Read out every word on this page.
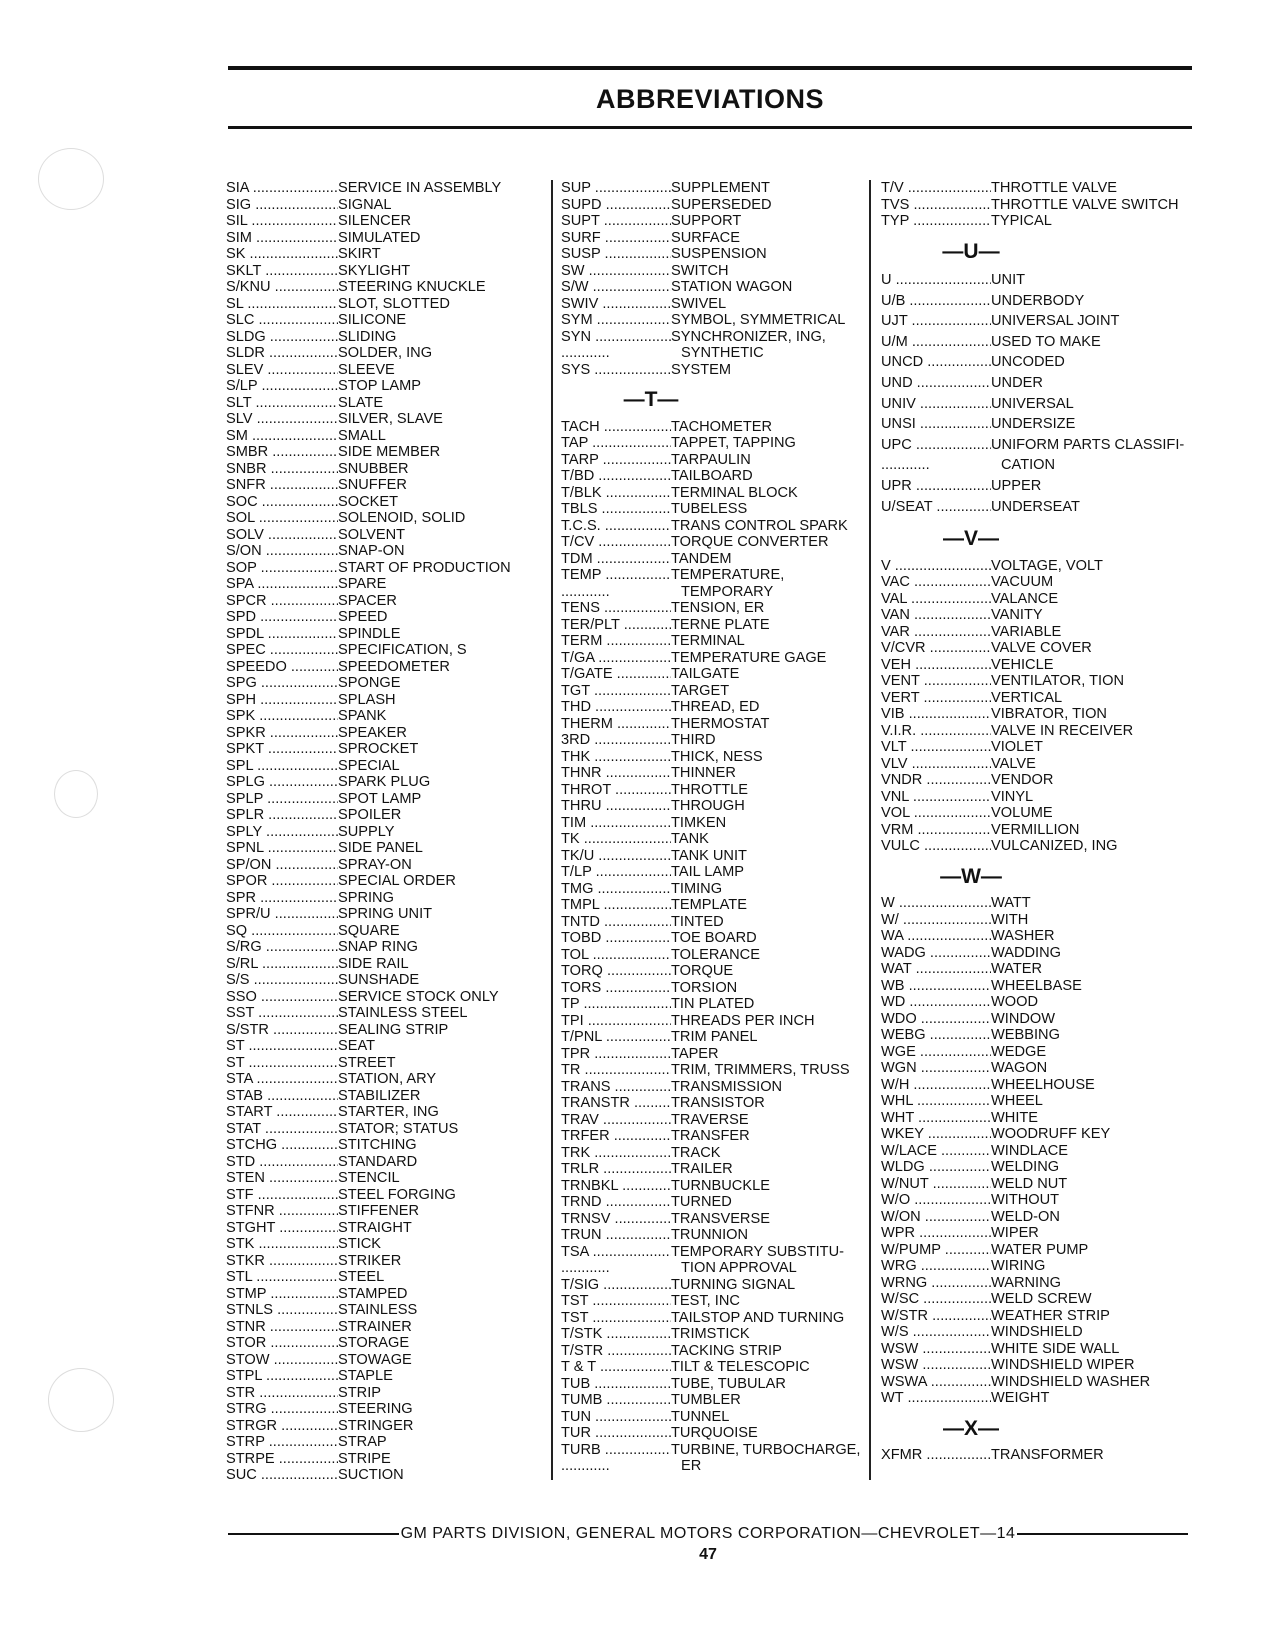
ABBREVIATIONS
SIA .....	SERVICE IN ASSEMBLY
SIG .....	SIGNAL
SIL .....	SILENCER
SIM .....	SIMULATED
SK .....	SKIRT
SKLT .....	SKYLIGHT
S/KNU .....	STEERING KNUCKLE
SL .....	SLOT, SLOTTED
SLC .....	SILICONE
SLDG .....	SLIDING
SLDR .....	SOLDER, ING
SLEV .....	SLEEVE
S/LP .....	STOP LAMP
SLT .....	SLATE
SLV .....	SILVER, SLAVE
SM .....	SMALL
SMBR .....	SIDE MEMBER
SNBR .....	SNUBBER
SNFR .....	SNUFFER
SOC .....	SOCKET
SOL .....	SOLENOID, SOLID
SOLV .....	SOLVENT
S/ON .....	SNAP-ON
SOP .....	START OF PRODUCTION
SPA .....	SPARE
SPCR .....	SPACER
SPD .....	SPEED
SPDL .....	SPINDLE
SPEC .....	SPECIFICATION, S
SPEEDO .....	SPEEDOMETER
SPG .....	SPONGE
SPH .....	SPLASH
SPK .....	SPANK
SPKR .....	SPEAKER
SPKT .....	SPROCKET
SPL .....	SPECIAL
SPLG .....	SPARK PLUG
SPLP .....	SPOT LAMP
SPLR .....	SPOILER
SPLY .....	SUPPLY
SPNL .....	SIDE PANEL
SP/ON .....	SPRAY-ON
SPOR .....	SPECIAL ORDER
SPR .....	SPRING
SPR/U .....	SPRING UNIT
SQ .....	SQUARE
S/RG .....	SNAP RING
S/RL .....	SIDE RAIL
S/S .....	SUNSHADE
SSO .....	SERVICE STOCK ONLY
SST .....	STAINLESS STEEL
S/STR .....	SEALING STRIP
ST .....	SEAT
ST .....	STREET
STA .....	STATION, ARY
STAB .....	STABILIZER
START .....	STARTER, ING
STAT .....	STATOR; STATUS
STCHG .....	STITCHING
STD .....	STANDARD
STEN .....	STENCIL
STF .....	STEEL FORGING
STFNR .....	STIFFENER
STGHT .....	STRAIGHT
STK .....	STICK
STKR .....	STRIKER
STL .....	STEEL
STMP .....	STAMPED
STNLS .....	STAINLESS
STNR .....	STRAINER
STOR .....	STORAGE
STOW .....	STOWAGE
STPL .....	STAPLE
STR .....	STRIP
STRG .....	STEERING
STRGR .....	STRINGER
STRP .....	STRAP
STRPE .....	STRIPE
SUC .....	SUCTION
SUP .....	SUPPLEMENT
SUPD .....	SUPERSEDED
SUPT .....	SUPPORT
SURF .....	SURFACE
SUSP .....	SUSPENSION
SW .....	SWITCH
S/W .....	STATION WAGON
SWIV .....	SWIVEL
SYM .....	SYMBOL, SYMMETRICAL
SYN .....	SYNCHRONIZER, ING,
.....
SYNTHETIC
SYS .....	SYSTEM
—T—
TACH .....	TACHOMETER
TAP .....	TAPPET, TAPPING
TARP .....	TARPAULIN
T/BD .....	TAILBOARD
T/BLK .....	TERMINAL BLOCK
TBLS .....	TUBELESS
T.C.S. .....	TRANS CONTROL SPARK
T/CV .....	TORQUE CONVERTER
TDM .....	TANDEM
TEMP .....	TEMPERATURE,
.....
TEMPORARY
TENS .....	TENSION, ER
TER/PLT .....	TERNE PLATE
TERM .....	TERMINAL
T/GA .....	TEMPERATURE GAGE
T/GATE .....	TAILGATE
TGT .....	TARGET
THD .....	THREAD, ED
THERM .....	THERMOSTAT
3RD .....	THIRD
THK .....	THICK, NESS
THNR .....	THINNER
THROT .....	THROTTLE
THRU .....	THROUGH
TIM .....	TIMKEN
TK .....	TANK
TK/U .....	TANK UNIT
T/LP .....	TAIL LAMP
TMG .....	TIMING
TMPL .....	TEMPLATE
TNTD .....	TINTED
TOBD .....	TOE BOARD
TOL .....	TOLERANCE
TORQ .....	TORQUE
TORS .....	TORSION
TP .....	TIN PLATED
TPI .....	THREADS PER INCH
T/PNL .....	TRIM PANEL
TPR .....	TAPER
TR .....	TRIM, TRIMMERS, TRUSS
TRANS .....	TRANSMISSION
TRANSTR .....	TRANSISTOR
TRAV .....	TRAVERSE
TRFER .....	TRANSFER
TRK .....	TRACK
TRLR .....	TRAILER
TRNBKL .....	TURNBUCKLE
TRND .....	TURNED
TRNSV .....	TRANSVERSE
TRUN .....	TRUNNION
TSA .....	TEMPORARY SUBSTITU-
.....
TION APPROVAL
T/SIG .....	TURNING SIGNAL
TST .....	TEST, INC
TST .....	TAILSTOP AND TURNING
T/STK .....	TRIMSTICK
T/STR .....	TACKING STRIP
T & T .....	TILT & TELESCOPIC
TUB .....	TUBE, TUBULAR
TUMB .....	TUMBLER
TUN .....	TUNNEL
TUR .....	TURQUOISE
TURB .....	TURBINE, TURBOCHARGE,
.....
ER
T/V .....	THROTTLE VALVE
TVS .....	THROTTLE VALVE SWITCH
TYP .....	TYPICAL
—U—
U .....	UNIT
U/B .....	UNDERBODY
UJT .....	UNIVERSAL JOINT
U/M .....	USED TO MAKE
UNCD .....	UNCODED
UND .....	UNDER
UNIV .....	UNIVERSAL
UNSI .....	UNDERSIZE
UPC .....	UNIFORM PARTS CLASSIFI-
.....
CATION
UPR .....	UPPER
U/SEAT .....	UNDERSEAT
—V—
V .....	VOLTAGE, VOLT
VAC .....	VACUUM
VAL .....	VALANCE
VAN .....	VANITY
VAR .....	VARIABLE
V/CVR .....	VALVE COVER
VEH .....	VEHICLE
VENT .....	VENTILATOR, TION
VERT .....	VERTICAL
VIB .....	VIBRATOR, TION
V.I.R. .....	VALVE IN RECEIVER
VLT .....	VIOLET
VLV .....	VALVE
VNDR .....	VENDOR
VNL .....	VINYL
VOL .....	VOLUME
VRM .....	VERMILLION
VULC .....	VULCANIZED, ING
—W—
W .....	WATT
W/ .....	WITH
WA .....	WASHER
WADG .....	WADDING
WAT .....	WATER
WB .....	WHEELBASE
WD .....	WOOD
WDO .....	WINDOW
WEBG .....	WEBBING
WGE .....	WEDGE
WGN .....	WAGON
W/H .....	WHEELHOUSE
WHL .....	WHEEL
WHT .....	WHITE
WKEY .....	WOODRUFF KEY
W/LACE .....	WINDLACE
WLDG .....	WELDING
W/NUT .....	WELD NUT
W/O .....	WITHOUT
W/ON .....	WELD-ON
WPR .....	WIPER
W/PUMP .....	WATER PUMP
WRG .....	WIRING
WRNG .....	WARNING
W/SC .....	WELD SCREW
W/STR .....	WEATHER STRIP
W/S .....	WINDSHIELD
WSW .....	WHITE SIDE WALL
WSW .....	WINDSHIELD WIPER
WSWA .....	WINDSHIELD WASHER
WT .....	WEIGHT
—X—
XFMR .....	TRANSFORMER
GM PARTS DIVISION, GENERAL MOTORS CORPORATION—CHEVROLET—14
47
